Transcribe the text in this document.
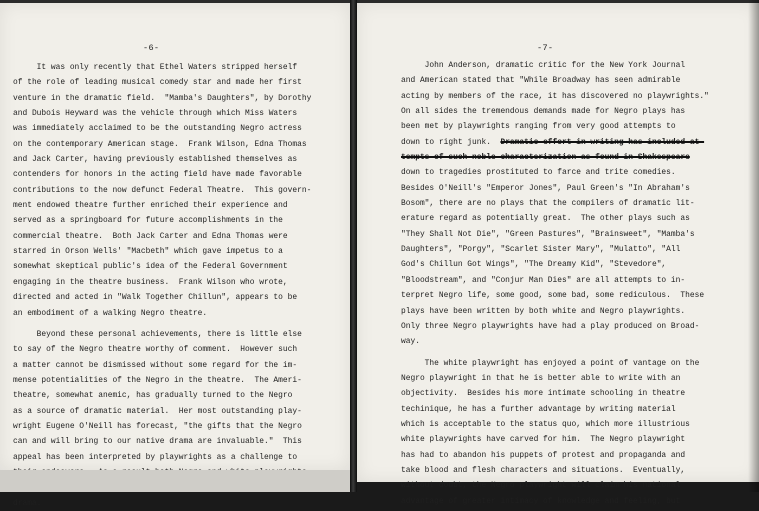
-6-
It was only recently that Ethel Waters stripped herself
of the role of leading musical comedy star and made her first
venture in the dramatic field.  "Mamba's Daughters", by Dorothy
and Dubois Heyward was the vehicle through which Miss Waters
was immediately acclaimed to be the outstanding Negro actress
on the contemporary American stage.  Frank Wilson, Edna Thomas
and Jack Carter, having previously established themselves as
contenders for honors in the acting field have made favorable
contributions to the now defunct Federal Theatre.  This govern-
ment endowed theatre further enriched their experience and
served as a springboard for future accomplishments in the
commercial theatre.  Both Jack Carter and Edna Thomas were
starred in Orson Wells' "Macbeth" which gave impetus to a
somewhat skeptical public's idea of the Federal Government
engaging in the theatre business.  Frank Wilson who wrote,
directed and acted in "Walk Together Chillun", appears to be
an embodiment of a walking Negro theatre.
Beyond these personal achievements, there is little else
to say of the Negro theatre worthy of comment.  However such
a matter cannot be dismissed without some regard for the im-
mense potentialities of the Negro in the theatre.  The Ameri-
theatre, somewhat anemic, has gradually turned to the Negro
as a source of dramatic material.  Her most outstanding play-
wright Eugene O'Neill has forecast, "the gifts that the Negro
can and will bring to our native drama are invaluable."  This
appeal has been interpreted by playwrights as a challenge to
drama.
-7-
John Anderson, dramatic critic for the New York Journal
and American stated that "While Broadway has seen admirable
acting by members of the race, it has discovered no playwrights."
On all sides the tremendous demands made for Negro plays has
been met by playwrights ranging from very good attempts to
down to right junk.  Dramatic effort in writing has included at-
tempts of such noble characterization as found in Shakespeare
down to tragedies prostituted to farce and trite comedies.
Besides O'Neill's "Emperor Jones", Paul Green's "In Abraham's
Bosom", there are no plays that the compilers of dramatic lit-
erature regard as potentially great.  The other plays such as
"They Shall Not Die", "Green Pastures", "Brainsweet", "Mamba's
Daughters", "Porgy", "Scarlet Sister Mary", "Mulatto", "All
God's Chillun Got Wings", "The Dreamy Kid", "Stevedore",
"Bloodstream", and "Conjur Man Dies" are all attempts to in-
terpret Negro life, some good, some bad, some rediculous.  These
plays have been written by both white and Negro playwrights.
Only three Negro playwrights have had a play produced on Broad-
way.
The white playwright has enjoyed a point of vantage on the
Negro playwright in that he is better able to write with an
objectivity.  Besides his more intimate schooling in theatre
techinique, he has a further advantage by writing material
which is acceptable to the status quo, which more illustrious
white playwrights have carved for him.  The Negro playwright
has had to abandon his puppets of protest and propaganda and
take blood and flesh characters and situations.  Eventually,
without doubt, the Negro playwright will claim his national
advantage of greater intimacy of knowledge and feeling, but
